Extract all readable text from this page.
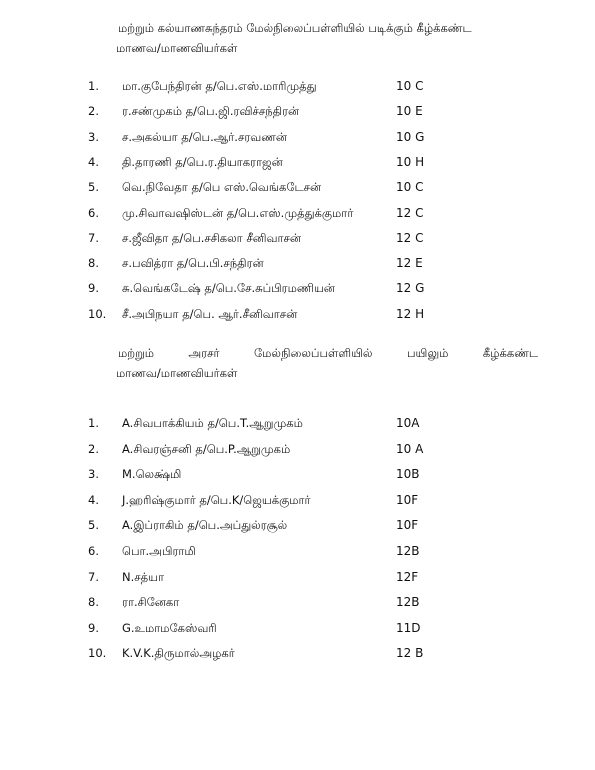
மற்றும் கல்யாணசுந்தரம் மேல்நிலைப்பள்ளியில் படிக்கும் கீழ்க்கண்ட
மாணவ/மாணவியர்கள்
1.	மா.குபேந்திரன் த/பெ.எஸ்.மாரிமுத்து	10 C
2.	ர.சண்முகம் த/பெ.ஜி.ரவிச்சந்திரன்	10 E
3.	ச.அகல்யா த/பெ.ஆர்.சரவணன்	10 G
4.	தி.தாரணி த/பெ.ர.தியாகராஜன்	10 H
5.	வெ.நிவேதா த/பெ எஸ்.வெங்கடேசன்	10 C
6.	மு.சிவாவஷிஸ்டன் த/பெ.எஸ்.முத்துக்குமார்	12 C
7.	ச.ஜீவிதா த/பெ.சசிகலா சீனிவாசன்	12 C
8.	ச.பவித்ரா த/பெ.பி.சந்திரன்	12 E
9.	சு.வெங்கடேஷ் த/பெ.சே.சுப்பிரமணியன்	12 G
10.	சீ.அபிநயா த/பெ. ஆர்.சீனிவாசன்	12 H
மற்றும்	அரசர்	மேல்நிலைப்பள்ளியில்	பயிலும்	கீழ்க்கண்ட
மாணவ/மாணவியர்கள்
1.	A.சிவபாக்கியம் த/பெ.T.ஆறுமுகம்	10A
2.	A.சிவரஞ்சனி த/பெ.P.ஆறுமுகம்	10 A
3.	M.லெக்ஷ்மி	10B
4.	J.ஹரிஷ்குமார் த/பெ.K/ஜெயக்குமார்	10F
5.	A.இப்ராகிம் த/பெ.அப்துல்ரசூல்	10F
6.	பொ.அபிராமி	12B
7.	N.சத்யா	12F
8.	ரா.சினேகா	12B
9.	G.உமாமகேஸ்வரி	11D
10.	K.V.K.திருமால்அழகர்	12 B
